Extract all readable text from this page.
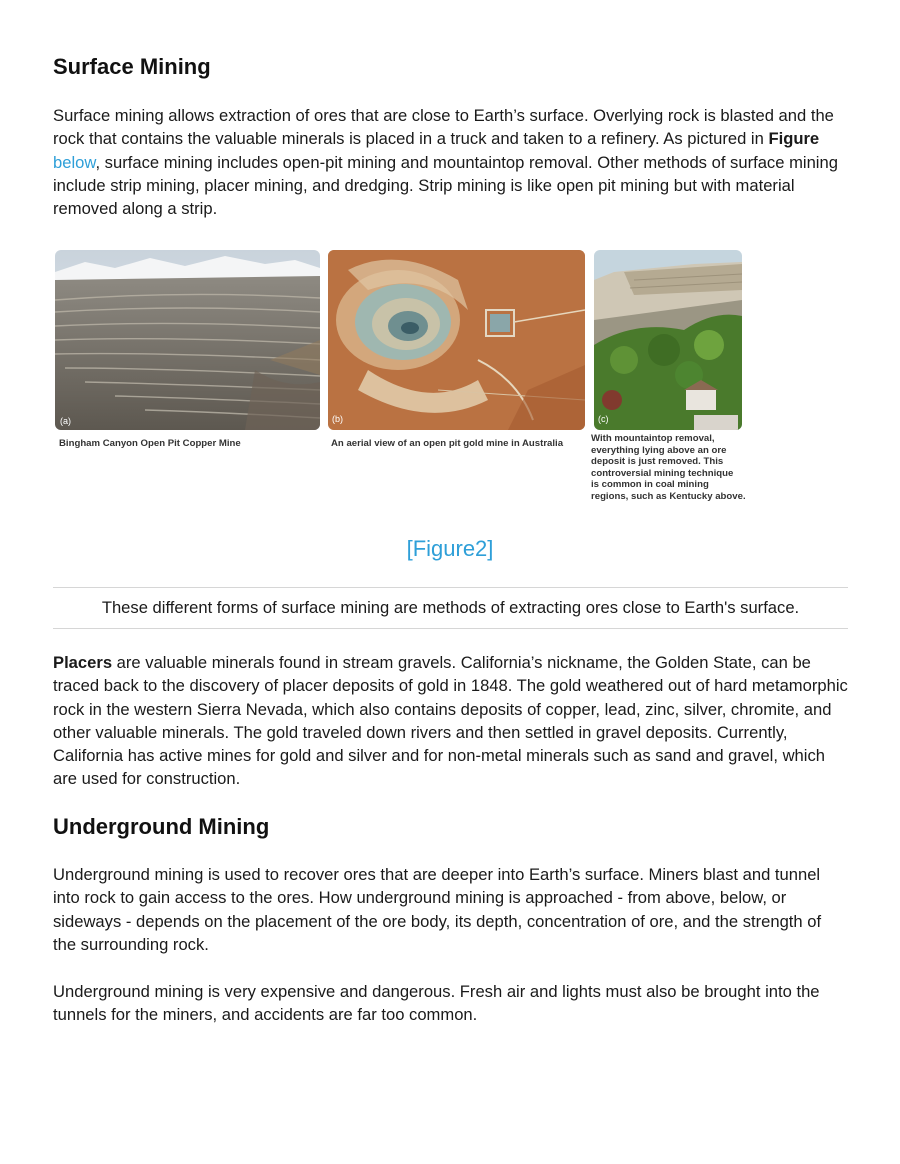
Surface Mining

Surface mining allows extraction of ores that are close to Earth’s surface. Overlying rock is blasted and the rock that contains the valuable minerals is placed in a truck and taken to a refinery. As pictured in Figure below, surface mining includes open-pit mining and mountaintop removal. Other methods of surface mining include strip mining, placer mining, and dredging. Strip mining is like open pit mining but with material removed along a strip.

(a)
Bingham Canyon Open Pit Copper Mine
(b)
An aerial view of an open pit gold mine in Australia
(c)
With mountaintop removal,
everything lying above an ore
deposit is just removed. This
controversial mining technique
is common in coal mining
regions, such as Kentucky above.
[Figure2]
These different forms of surface mining are methods of extracting ores close to Earth's surface.

Placers are valuable minerals found in stream gravels. California’s nickname, the Golden State, can be traced back to the discovery of placer deposits of gold in 1848. The gold weathered out of hard metamorphic rock in the western Sierra Nevada, which also contains deposits of copper, lead, zinc, silver, chromite, and other valuable minerals. The gold traveled down rivers and then settled in gravel deposits. Currently, California has active mines for gold and silver and for non-metal minerals such as sand and gravel, which are used for construction.

Underground Mining

Underground mining is used to recover ores that are deeper into Earth’s surface. Miners blast and tunnel into rock to gain access to the ores. How underground mining is approached - from above, below, or sideways - depends on the placement of the ore body, its depth, concentration of ore, and the strength of the surrounding rock.

Underground mining is very expensive and dangerous. Fresh air and lights must also be brought into the tunnels for the miners, and accidents are far too common.
